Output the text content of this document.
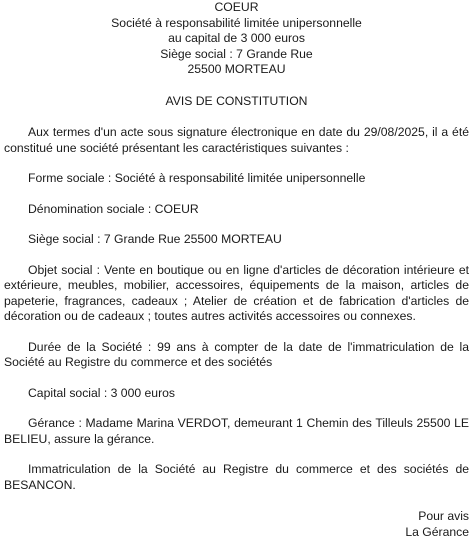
COEUR
Société à responsabilité limitée unipersonnelle
au capital de 3 000 euros
Siège social : 7 Grande Rue
25500 MORTEAU
AVIS DE CONSTITUTION
Aux termes d'un acte sous signature électronique en date du 29/08/2025, il a été constitué une société présentant les caractéristiques suivantes :
Forme sociale : Société à responsabilité limitée unipersonnelle
Dénomination sociale : COEUR
Siège social : 7 Grande Rue 25500 MORTEAU
Objet social : Vente en boutique ou en ligne d'articles de décoration intérieure et extérieure, meubles, mobilier, accessoires, équipements de la maison, articles de papeterie, fragrances, cadeaux ; Atelier de création et de fabrication d'articles de décoration ou de cadeaux ; toutes autres activités accessoires ou connexes.
Durée de la Société : 99 ans à compter de la date de l'immatriculation de la Société au Registre du commerce et des sociétés
Capital social : 3 000 euros
Gérance : Madame Marina VERDOT, demeurant 1 Chemin des Tilleuls 25500 LE BELIEU, assure la gérance.
Immatriculation de la Société au Registre du commerce et des sociétés de BESANCON.
Pour avis
La Gérance
